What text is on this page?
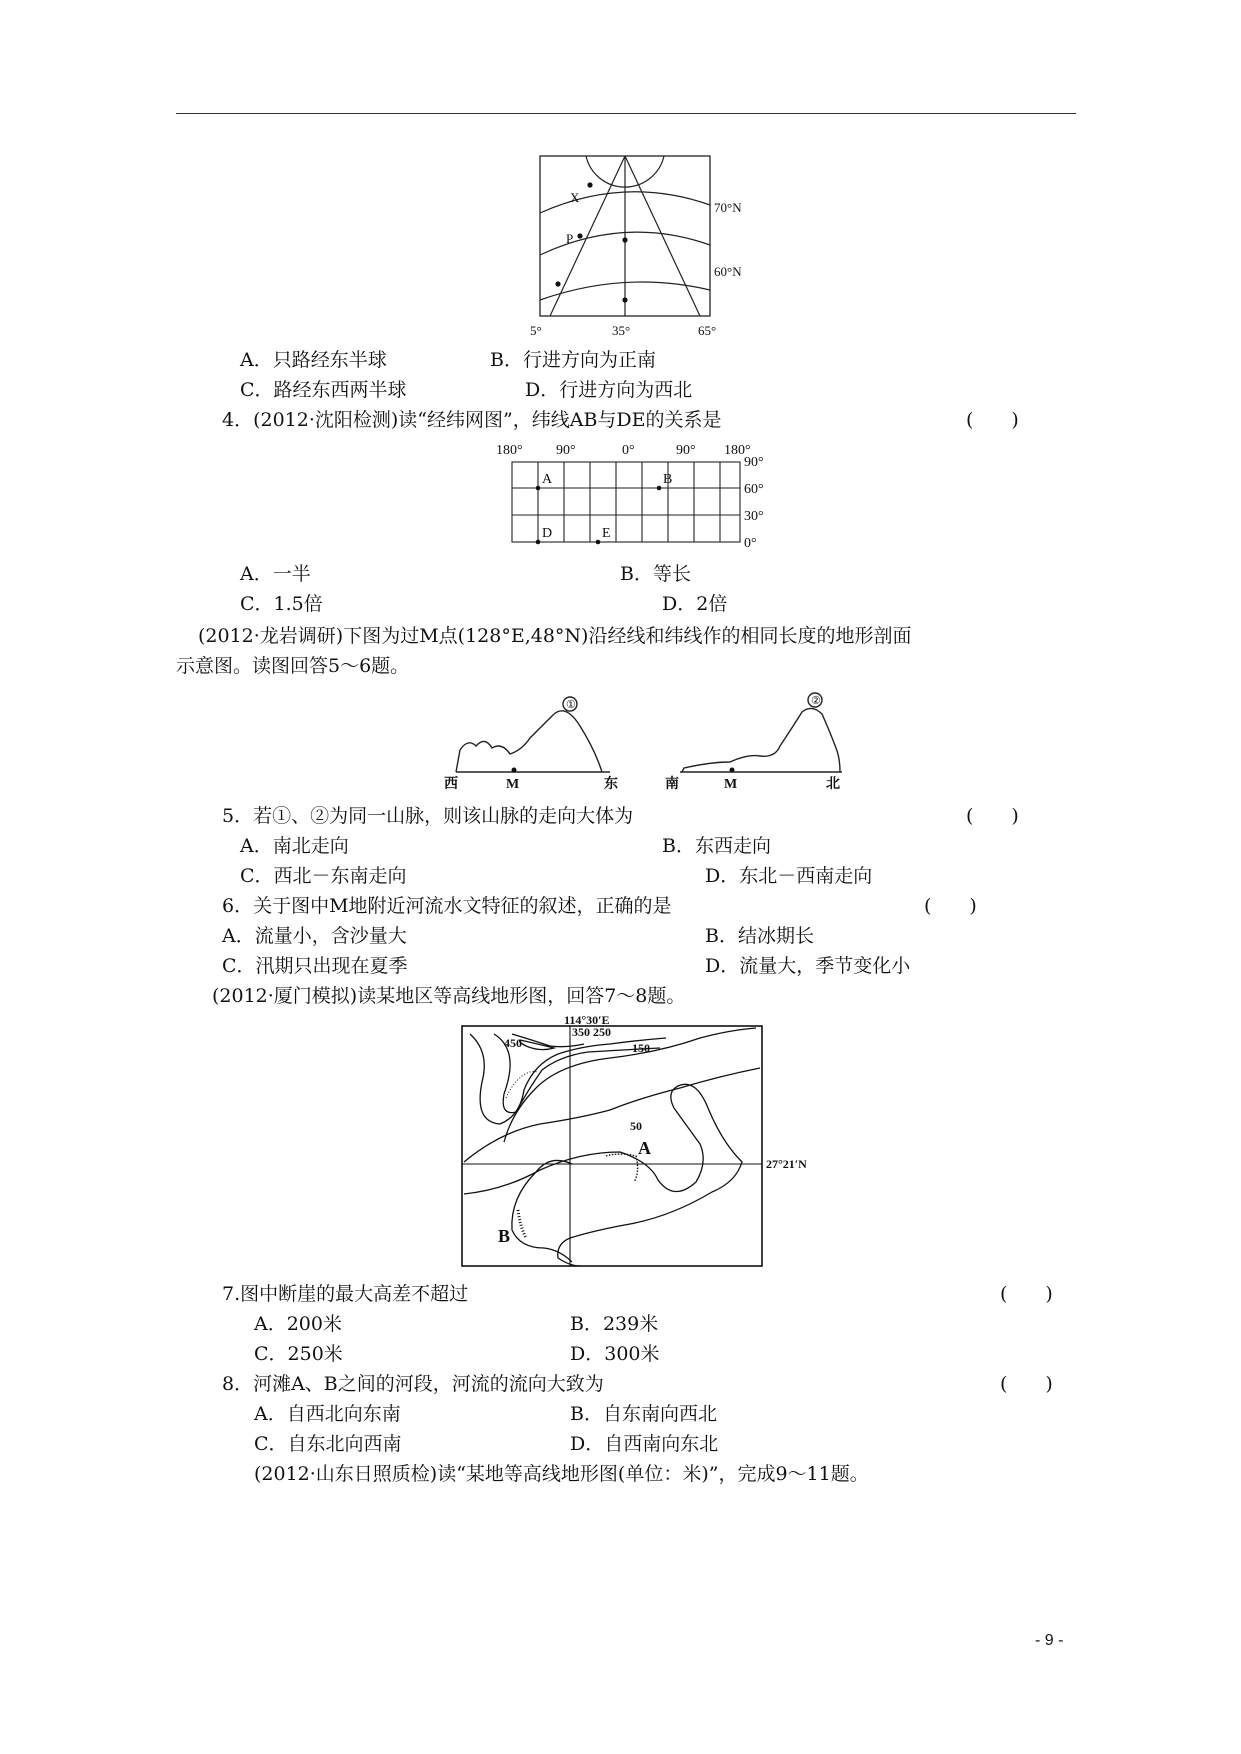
X
P
70°N
60°N
5°	35°	65°
A．只路经东半球	B．行进方向为正南
C．路经东西两半球	D．行进方向为西北
4．(2012·沈阳检测)读“经纬网图”，纬线AB与DE的关系是	(　　)
180° 90°	0°	90° 180°
90°
60°
30°
0°
A	B
D	E
A．一半	B．等长
C．1.5倍	D．2倍
(2012·龙岩调研)下图为过M点(128°E,48°N)沿经线和纬线作的相同长度的地形剖面
示意图。读图回答5～6题。
①	②
西	M	东	南	M	北
5．若①、②为同一山脉，则该山脉的走向大体为	(　　)
A．南北走向	B．东西走向
C．西北－东南走向	D．东北－西南走向
6．关于图中M地附近河流水文特征的叙述，正确的是	(　　)
A．流量小，含沙量大	B．结冰期长
C．汛期只出现在夏季	D．流量大，季节变化小
(2012·厦门模拟)读某地区等高线地形图，回答7～8题。
114°30′E
450
350 250
150
50
A
B
27°21′N
7.图中断崖的最大高差不超过	(　　)
A．200米	B．239米
C．250米	D．300米
8．河滩A、B之间的河段，河流的流向大致为	(　　)
A．自西北向东南	B．自东南向西北
C．自东北向西南	D．自西南向东北
(2012·山东日照质检)读“某地等高线地形图(单位：米)”，完成9～11题。
- 9 -
